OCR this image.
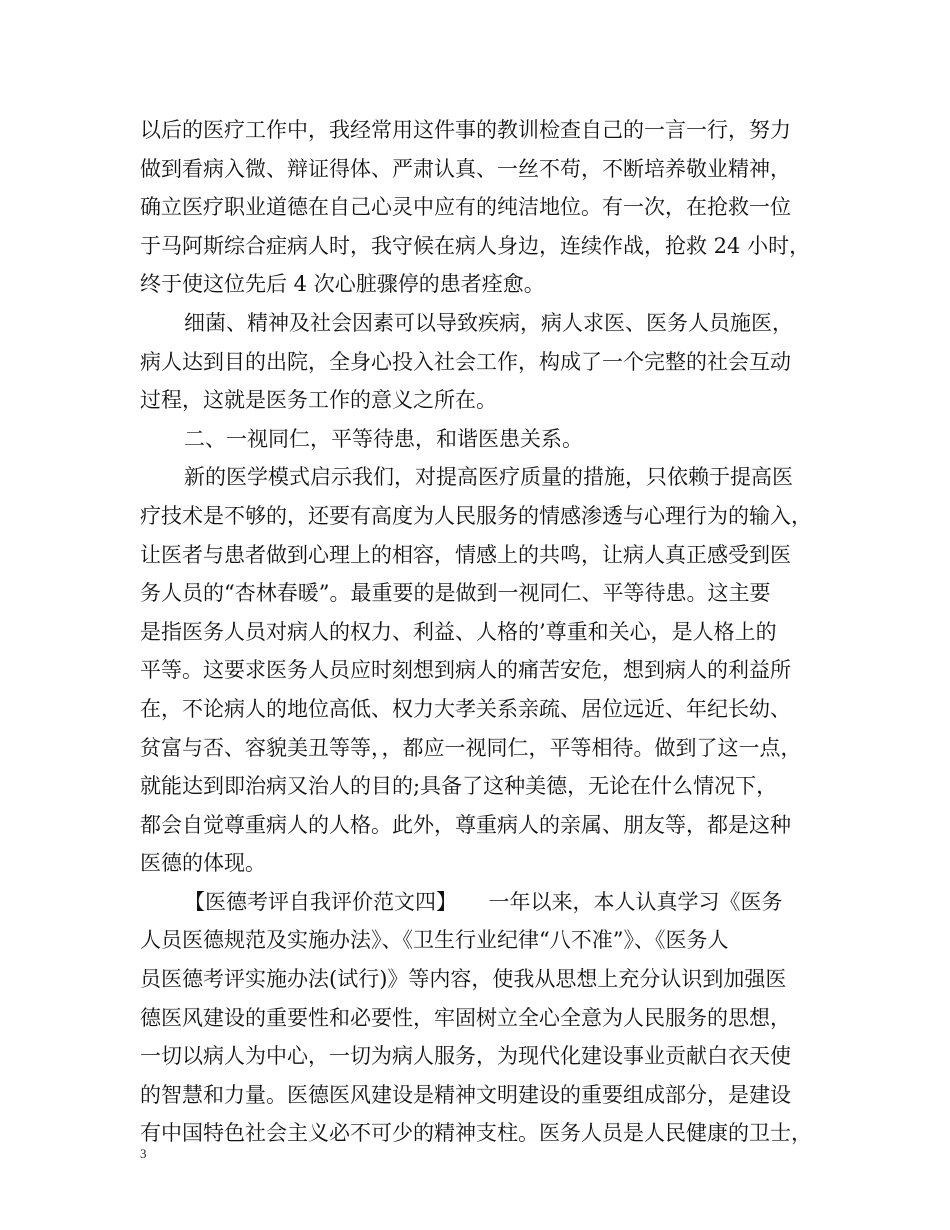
以后的医疗工作中，我经常用这件事的教训检查自己的一言一行，努力
做到看病入微、辩证得体、严肃认真、一丝不苟，不断培养敬业精神，
确立医疗职业道德在自己心灵中应有的纯洁地位。有一次，在抢救一位
于马阿斯综合症病人时，我守候在病人身边，连续作战，抢救 24 小时，
终于使这位先后 4 次心脏骤停的患者痊愈。
细菌、精神及社会因素可以导致疾病，病人求医、医务人员施医，
病人达到目的出院，全身心投入社会工作，构成了一个完整的社会互动
过程，这就是医务工作的意义之所在。
二、一视同仁，平等待患，和谐医患关系。
新的医学模式启示我们，对提高医疗质量的措施，只依赖于提高医
疗技术是不够的，还要有高度为人民服务的情感渗透与心理行为的输入，
让医者与患者做到心理上的相容，情感上的共鸣，让病人真正感受到医
务人员的“杏林春暖”。最重要的是做到一视同仁、平等待患。这主要
是指医务人员对病人的权力、利益、人格的’尊重和关心，是人格上的
平等。这要求医务人员应时刻想到病人的痛苦安危，想到病人的利益所
在，不论病人的地位高低、权力大孝关系亲疏、居位远近、年纪长幼、
贫富与否、容貌美丑等等，，都应一视同仁，平等相待。做到了这一点，
就能达到即治病又治人的目的;具备了这种美德，无论在什么情况下，
都会自觉尊重病人的人格。此外，尊重病人的亲属、朋友等，都是这种
医德的体现。
【医德考评自我评价范文四】　　一年以来，本人认真学习《医务
人员医德规范及实施办法》、《卫生行业纪律“八不准”》、《医务人
员医德考评实施办法(试行)》等内容，使我从思想上充分认识到加强医
德医风建设的重要性和必要性，牢固树立全心全意为人民服务的思想，
一切以病人为中心，一切为病人服务，为现代化建设事业贡献白衣天使
的智慧和力量。医德医风建设是精神文明建设的重要组成部分，是建设
有中国特色社会主义必不可少的精神支柱。医务人员是人民健康的卫士，
3
